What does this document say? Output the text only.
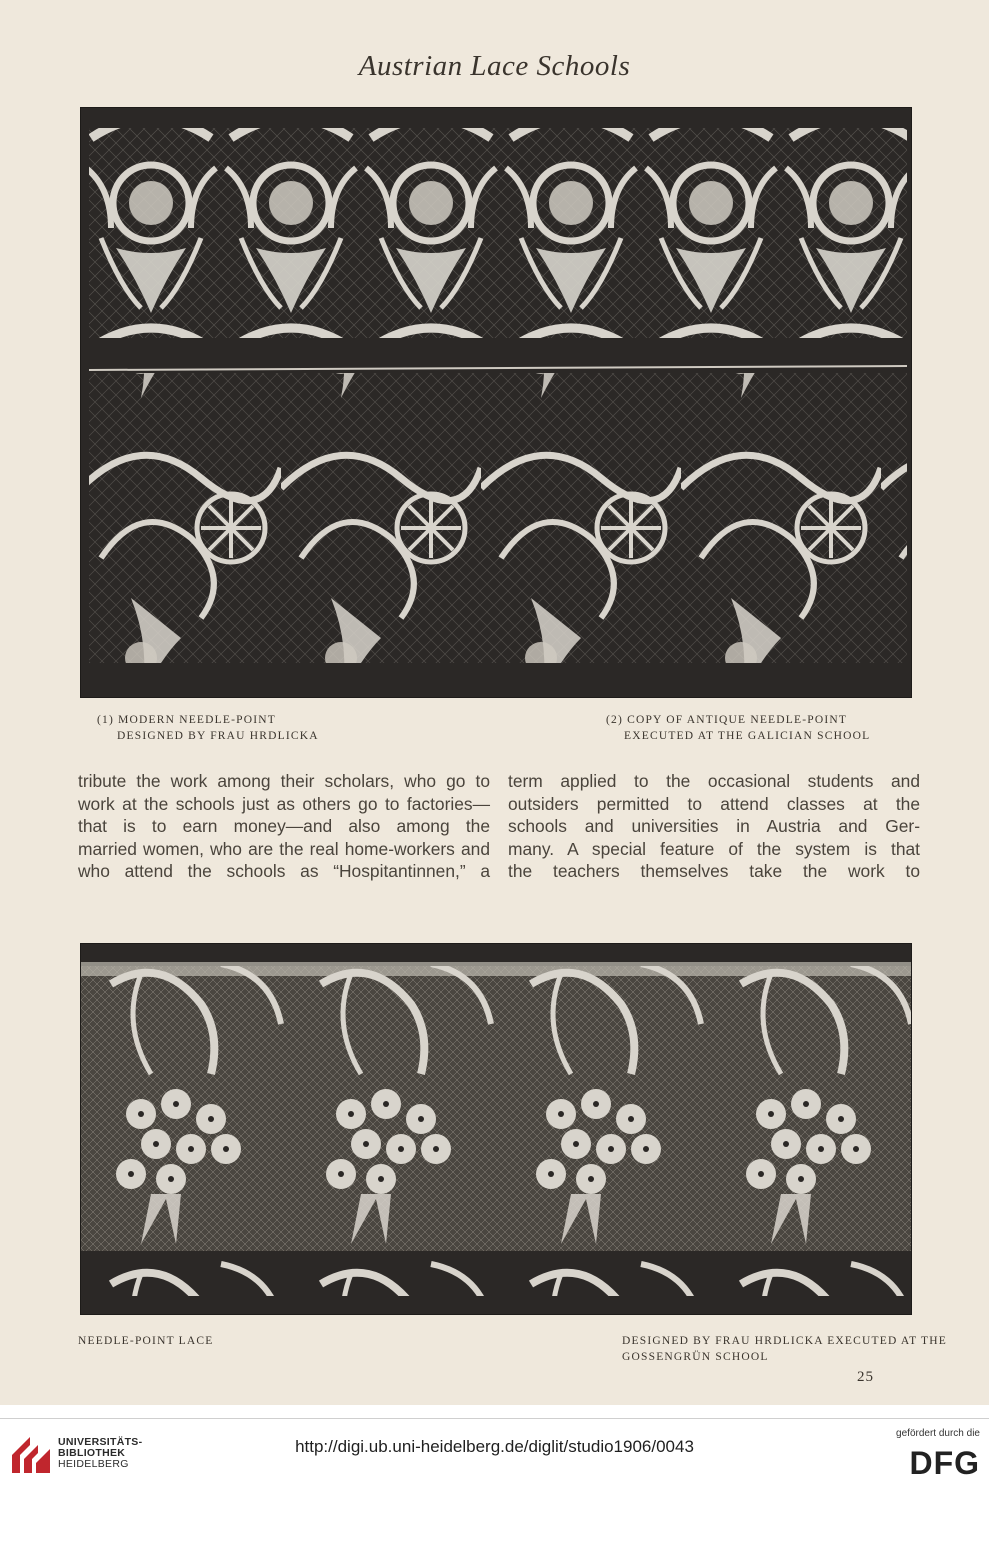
Austrian Lace Schools
(1) MODERN NEEDLE-POINT
DESIGNED BY FRAU HRDLICKA
(2) COPY OF ANTIQUE NEEDLE-POINT
EXECUTED AT THE GALICIAN SCHOOL
tribute the work among their scholars, who go to
work at the schools just as others go to factories—
that is to earn money—and also among the
married women, who are the real home-workers and
who attend the schools as “Hospitantinnen,” a
term applied to the occasional students and
outsiders permitted to attend classes at the
schools and universities in Austria and Ger-
many. A special feature of the system is that
the teachers themselves take the work to
NEEDLE-POINT LACE	DESIGNED BY FRAU HRDLICKA EXECUTED AT THE GOSSENGRÜN SCHOOL
25
UNIVERSITÄTS-
BIBLIOTHEK
HEIDELBERG
http://digi.ub.uni-heidelberg.de/diglit/studio1906/0043
gefördert durch die
DFG
